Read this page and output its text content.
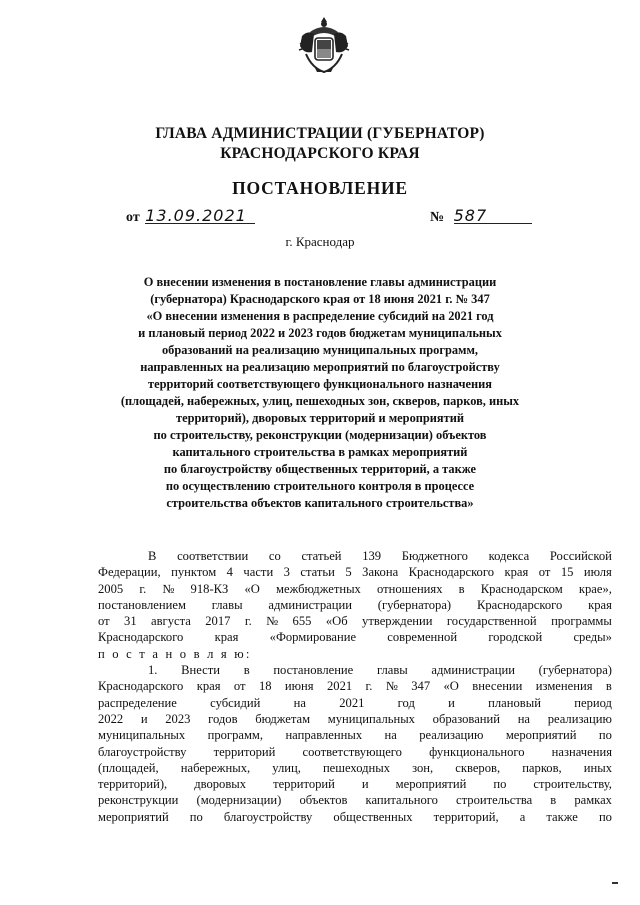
ГЛАВА АДМИНИСТРАЦИИ (ГУБЕРНАТОР)
КРАСНОДАРСКОГО КРАЯ
ПОСТАНОВЛЕНИЕ
от 13.09.2021	№ 587
г. Краснодар
О внесении изменения в постановление главы администрации
(губернатора) Краснодарского края от 18 июня 2021 г. № 347
«О внесении изменения в распределение субсидий на 2021 год
и плановый период 2022 и 2023 годов бюджетам муниципальных
образований на реализацию муниципальных программ,
направленных на реализацию мероприятий по благоустройству
территорий соответствующего функционального назначения
(площадей, набережных, улиц, пешеходных зон, скверов, парков, иных
территорий), дворовых территорий и мероприятий
по строительству, реконструкции (модернизации) объектов
капитального строительства в рамках мероприятий
по благоустройству общественных территорий, а также
по осуществлению строительного контроля в процессе
строительства объектов капитального строительства»
В соответствии со статьей 139 Бюджетного кодекса Российской
Федерации, пунктом 4 части 3 статьи 5 Закона Краснодарского края от 15 июля
2005 г. № 918-КЗ «О межбюджетных отношениях в Краснодарском крае»,
постановлением главы администрации (губернатора) Краснодарского края
от 31 августа 2017 г. № 655 «Об утверждении государственной программы
Краснодарского края «Формирование современной городской среды»
п о с т а н о в л я ю:
1. Внести в постановление главы администрации (губернатора)
Краснодарского края от 18 июня 2021 г. № 347 «О внесении изменения в
распределение	субсидий	на	2021	год	и	плановый	период
2022 и 2023 годов бюджетам муниципальных образований на реализацию
муниципальных программ, направленных на реализацию мероприятий по
благоустройству территорий соответствующего функционального назначения
(площадей, набережных, улиц, пешеходных зон, скверов, парков, иных
территорий), дворовых территорий и мероприятий по строительству,
реконструкции (модернизации) объектов капитального строительства в рамках
мероприятий по благоустройству общественных территорий, а также по
